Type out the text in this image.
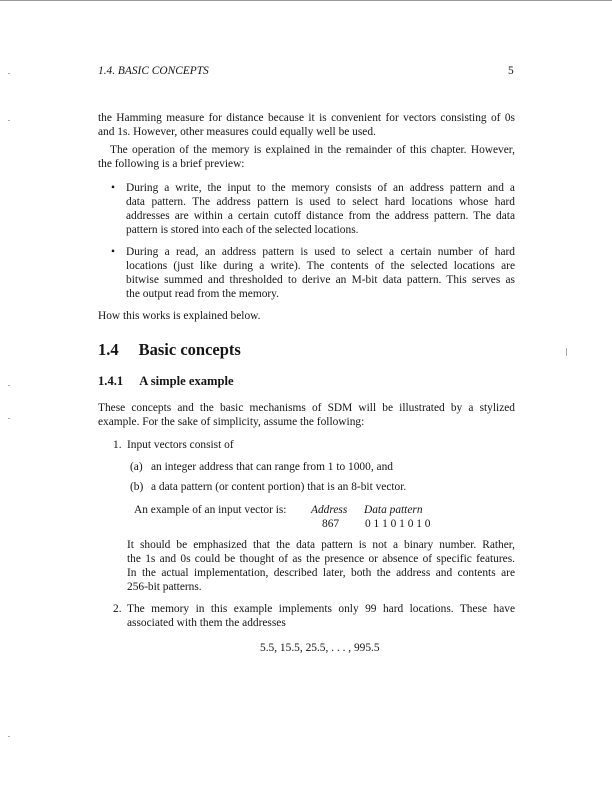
1.4. BASIC CONCEPTS	5
the Hamming measure for distance because it is convenient for vectors consisting of 0s
and 1s. However, other measures could equally well be used.
The operation of the memory is explained in the remainder of this chapter. However,
the following is a brief preview:
• During a write, the input to the memory consists of an address pattern and a
data pattern. The address pattern is used to select hard locations whose hard
addresses are within a certain cutoff distance from the address pattern. The data
pattern is stored into each of the selected locations.
• During a read, an address pattern is used to select a certain number of hard
locations (just like during a write). The contents of the selected locations are
bitwise summed and thresholded to derive an M-bit data pattern. This serves as
the output read from the memory.
How this works is explained below.
1.4 Basic concepts
1.4.1 A simple example
These concepts and the basic mechanisms of SDM will be illustrated by a stylized
example. For the sake of simplicity, assume the following:
1. Input vectors consist of
(a) an integer address that can range from 1 to 1000, and
(b) a data pattern (or content portion) that is an 8-bit vector.
An example of an input vector is: Address Data pattern
867 0 1 1 0 1 0 1 0
It should be emphasized that the data pattern is not a binary number. Rather,
the 1s and 0s could be thought of as the presence or absence of specific features.
In the actual implementation, described later, both the address and contents are
256-bit patterns.
2. The memory in this example implements only 99 hard locations. These have
associated with them the addresses
5.5, 15.5, 25.5, . . . , 995.5
